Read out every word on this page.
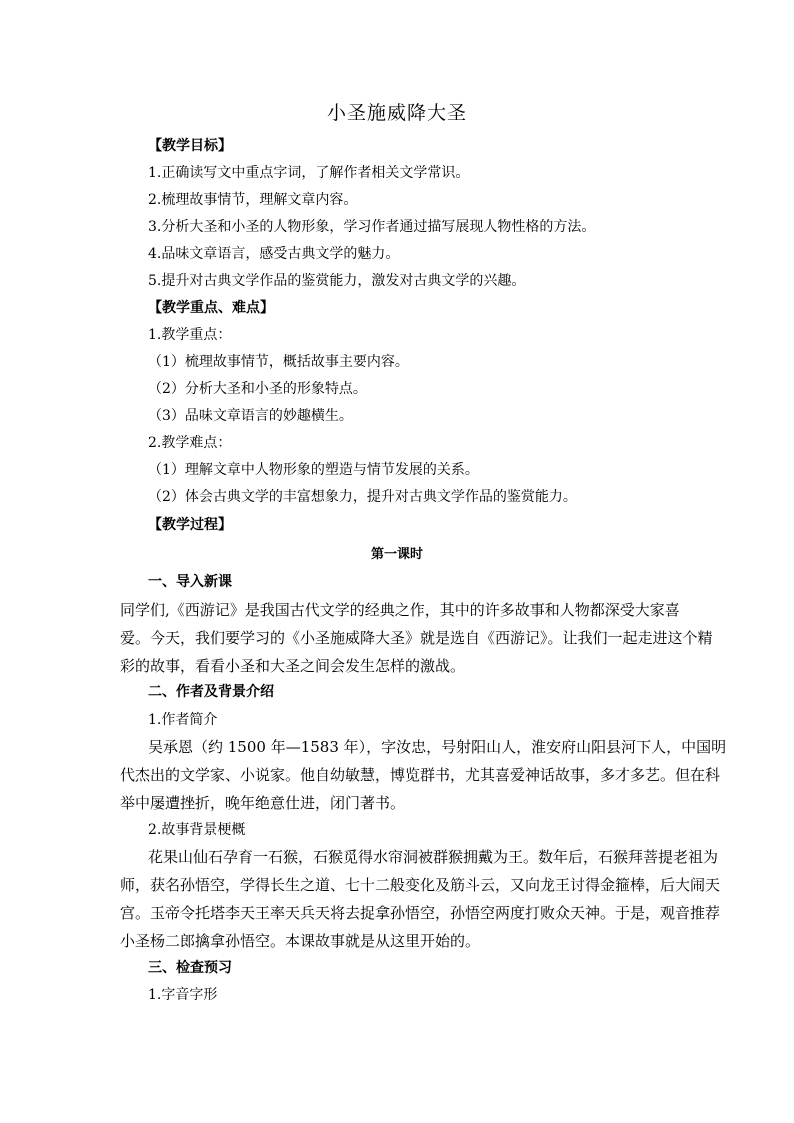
小圣施威降大圣
【教学目标】
1.正确读写文中重点字词，了解作者相关文学常识。
2.梳理故事情节，理解文章内容。
3.分析大圣和小圣的人物形象，学习作者通过描写展现人物性格的方法。
4.品味文章语言，感受古典文学的魅力。
5.提升对古典文学作品的鉴赏能力，激发对古典文学的兴趣。
【教学重点、难点】
1.教学重点：
（1）梳理故事情节，概括故事主要内容。
（2）分析大圣和小圣的形象特点。
（3）品味文章语言的妙趣横生。
2.教学难点：
（1）理解文章中人物形象的塑造与情节发展的关系。
（2）体会古典文学的丰富想象力，提升对古典文学作品的鉴赏能力。
【教学过程】
第一课时
一、导入新课
同学们,《西游记》是我国古代文学的经典之作，其中的许多故事和人物都深受大家喜
爱。今天，我们要学习的《小圣施威降大圣》就是选自《西游记》。让我们一起走进这个精
彩的故事，看看小圣和大圣之间会发生怎样的激战。
二、作者及背景介绍
1.作者简介
吴承恩（约 1500 年—1583 年），字汝忠，号射阳山人，淮安府山阳县河下人，中国明
代杰出的文学家、小说家。他自幼敏慧，博览群书，尤其喜爱神话故事，多才多艺。但在科
举中屡遭挫折，晚年绝意仕进，闭门著书。
2.故事背景梗概
花果山仙石孕育一石猴，石猴觅得水帘洞被群猴拥戴为王。数年后，石猴拜菩提老祖为
师，获名孙悟空，学得长生之道、七十二般变化及筋斗云，又向龙王讨得金箍棒，后大闹天
宫。玉帝令托塔李天王率天兵天将去捉拿孙悟空，孙悟空两度打败众天神。于是，观音推荐
小圣杨二郎擒拿孙悟空。本课故事就是从这里开始的。
三、检查预习
1.字音字形
